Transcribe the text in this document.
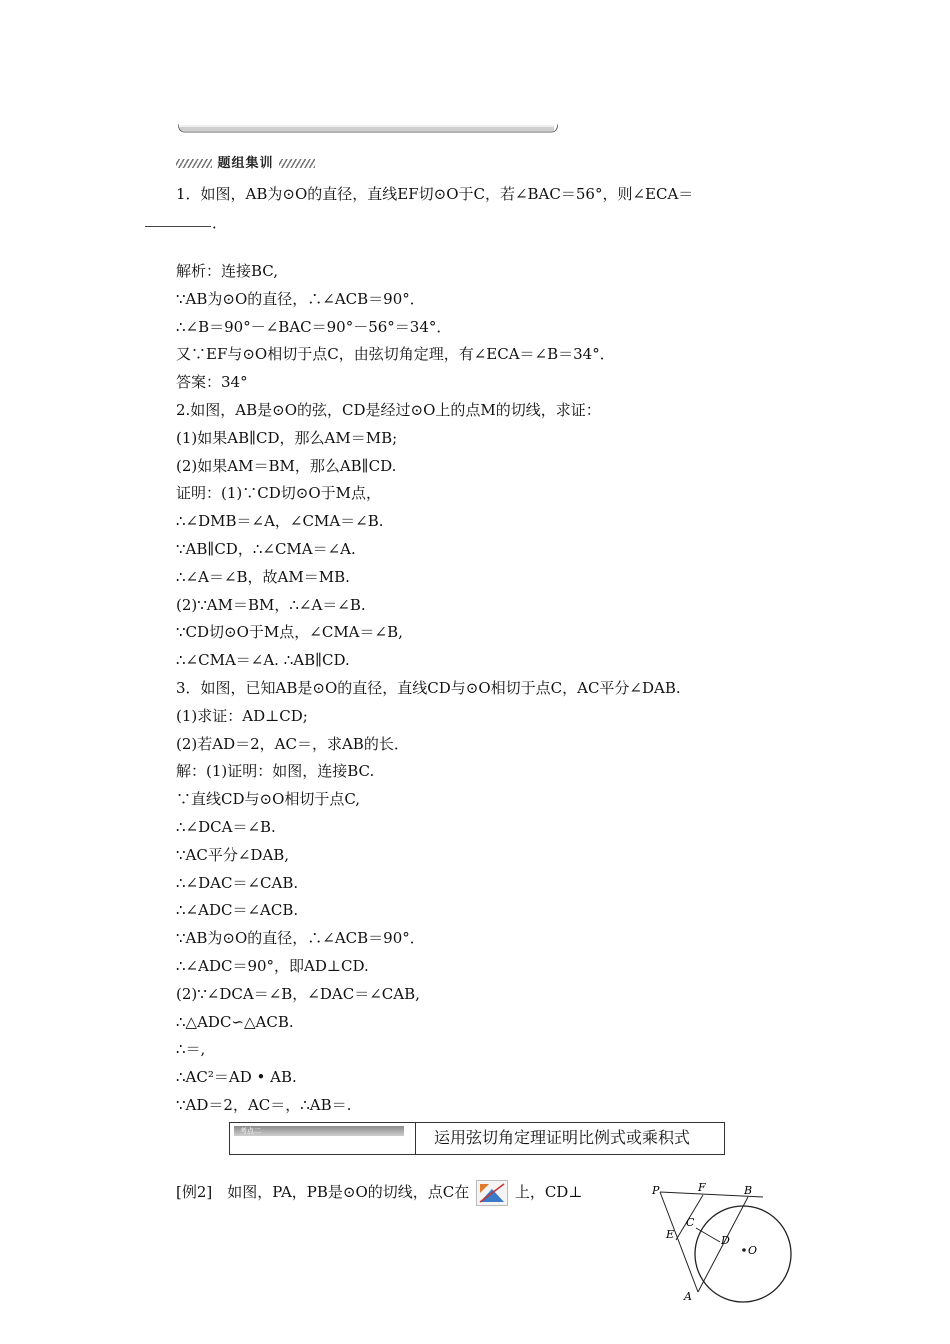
题组集训
1．如图，AB为⊙O的直径，直线EF切⊙O于C，若∠BAC＝56°，则∠ECA＝
．
解析：连接BC,
∵AB为⊙O的直径，∴∠ACB＝90°．
∴∠B＝90°－∠BAC＝90°－56°＝34°．
又∵EF与⊙O相切于点C，由弦切角定理，有∠ECA＝∠B＝34°．
答案：34°
2.如图，AB是⊙O的弦，CD是经过⊙O上的点M的切线，求证：
(1)如果AB∥CD，那么AM＝MB;
(2)如果AM＝BM，那么AB∥CD.
证明：(1)∵CD切⊙O于M点，
∴∠DMB＝∠A，∠CMA＝∠B.
∵AB∥CD，∴∠CMA＝∠A.
∴∠A＝∠B，故AM＝MB.
(2)∵AM＝BM，∴∠A＝∠B.
∵CD切⊙O于M点，∠CMA＝∠B,
∴∠CMA＝∠A. ∴AB∥CD.
3．如图，已知AB是⊙O的直径，直线CD与⊙O相切于点C，AC平分∠DAB.
(1)求证：AD⊥CD;
(2)若AD＝2，AC＝，求AB的长．
解：(1)证明：如图，连接BC.
∵直线CD与⊙O相切于点C,
∴∠DCA＝∠B.
∵AC平分∠DAB,
∴∠DAC＝∠CAB.
∴∠ADC＝∠ACB.
∵AB为⊙O的直径，∴∠ACB＝90°．
∴∠ADC＝90°，即AD⊥CD.
(2)∵∠DCA＝∠B，∠DAC＝∠CAB,
∴△ADC∽△ACB.
∴＝,
∴AC²＝AD • AB.
∵AD＝2，AC＝，∴AB＝.
考点二	运用弦切角定理证明比例式或乘积式
[例2]　如图，PA，PB是⊙O的切线，点C在	上，CD⊥	P	F	B
C
E	D
O
A
